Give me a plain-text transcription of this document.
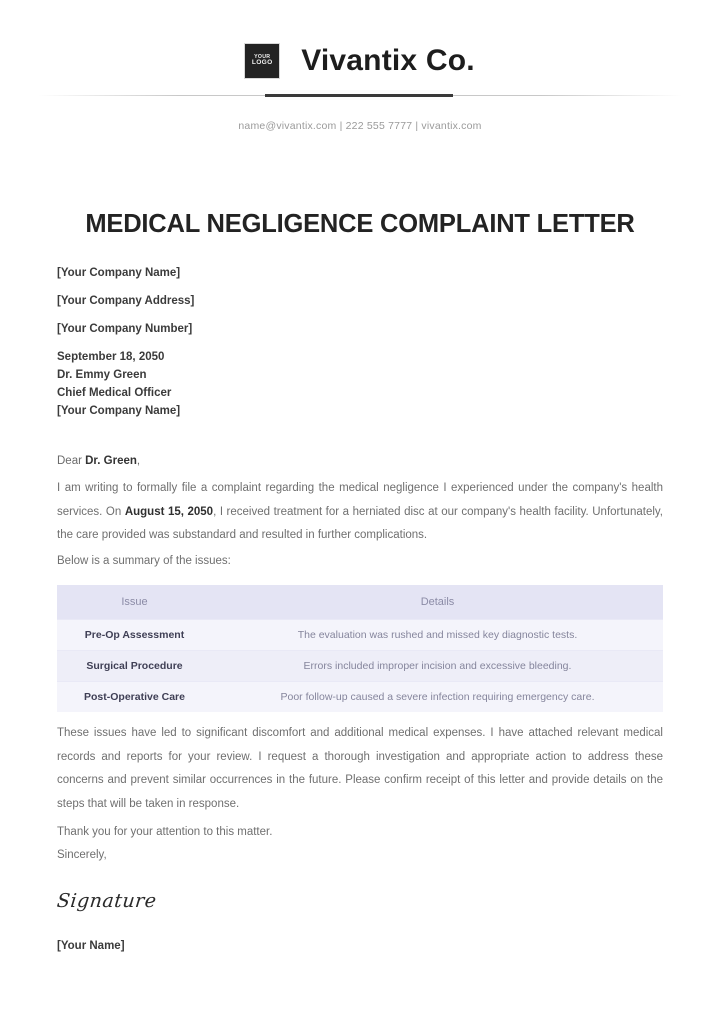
YOUR
LOGO Vivantix Co.
name@vivantix.com | 222 555 7777 | vivantix.com
MEDICAL NEGLIGENCE COMPLAINT LETTER
[Your Company Name]
[Your Company Address]
[Your Company Number]
September 18, 2050
Dr. Emmy Green
Chief Medical Officer
[Your Company Name]
Dear Dr. Green,

I am writing to formally file a complaint regarding the medical negligence I experienced under the company's health services. On August 15, 2050, I received treatment for a herniated disc at our company's health facility. Unfortunately, the care provided was substandard and resulted in further complications.

Below is a summary of the issues:

Issue	Details
Pre-Op Assessment	The evaluation was rushed and missed key diagnostic tests.
Surgical Procedure	Errors included improper incision and excessive bleeding.
Post-Operative Care	Poor follow-up caused a severe infection requiring emergency care.

These issues have led to significant discomfort and additional medical expenses. I have attached relevant medical records and reports for your review. I request a thorough investigation and appropriate action to address these concerns and prevent similar occurrences in the future. Please confirm receipt of this letter and provide details on the steps that will be taken in response.

Thank you for your attention to this matter.
Sincerely,
Signature
[Your Name]
